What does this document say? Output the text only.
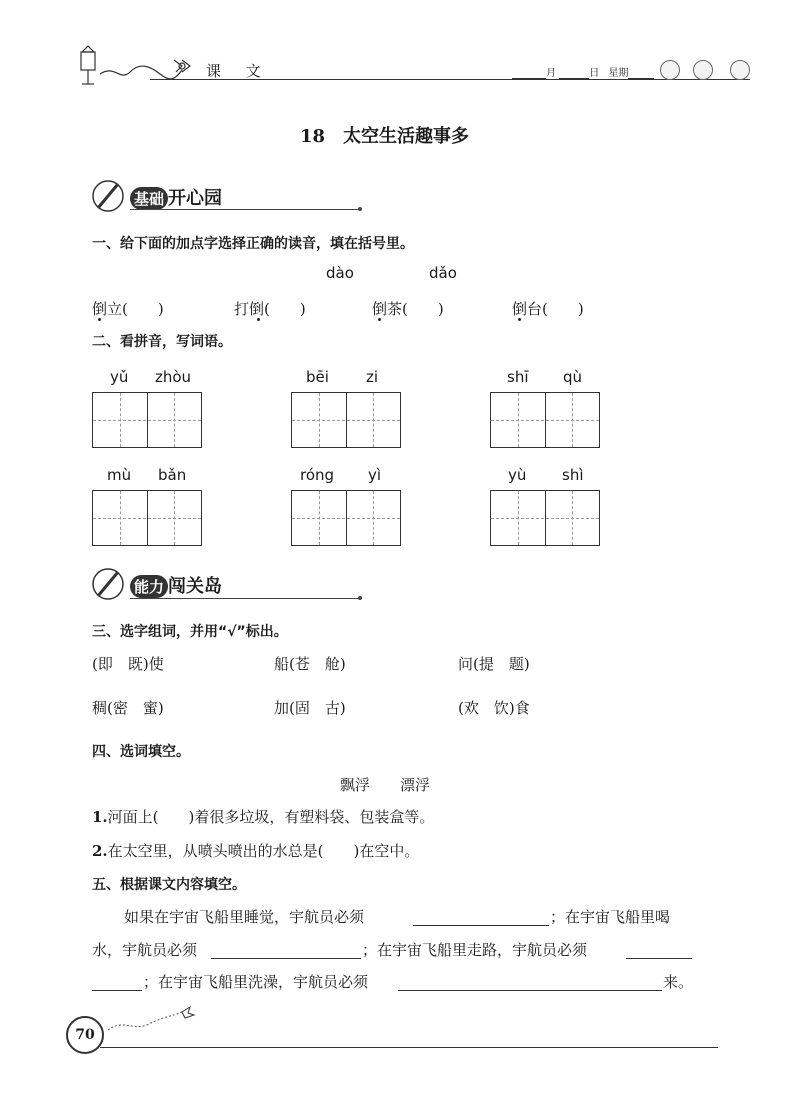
课 文	月	日 星期
18　太空生活趣事多
基础 开心园
一、给下面的加点字选择正确的读音，填在括号里。
dào	dǎo
倒立(　　)	打倒(　　)	倒茶(　　)	倒台(　　)
二、看拼音，写词语。
yǔ zhòu	bēi zi	shī qù
mù bǎn	róng yì	yù shì
能力 闯关岛
三、选字组词，并用“√”标出。
(即　既)使	船(苍　舱)	问(提　题)
稠(密　蜜)	加(固　古)	(欢　饮)食
四、选词填空。
飘浮　　漂浮
1.河面上(　　)着很多垃圾，有塑料袋、包装盒等。
2.在太空里，从喷头喷出的水总是(　　)在空中。
五、根据课文内容填空。
如果在宇宙飞船里睡觉，宇航员必须	；在宇宙飞船里喝
水，宇航员必须	；在宇宙飞船里走路，宇航员必须
；在宇宙飞船里洗澡，宇航员必须	来。
70
